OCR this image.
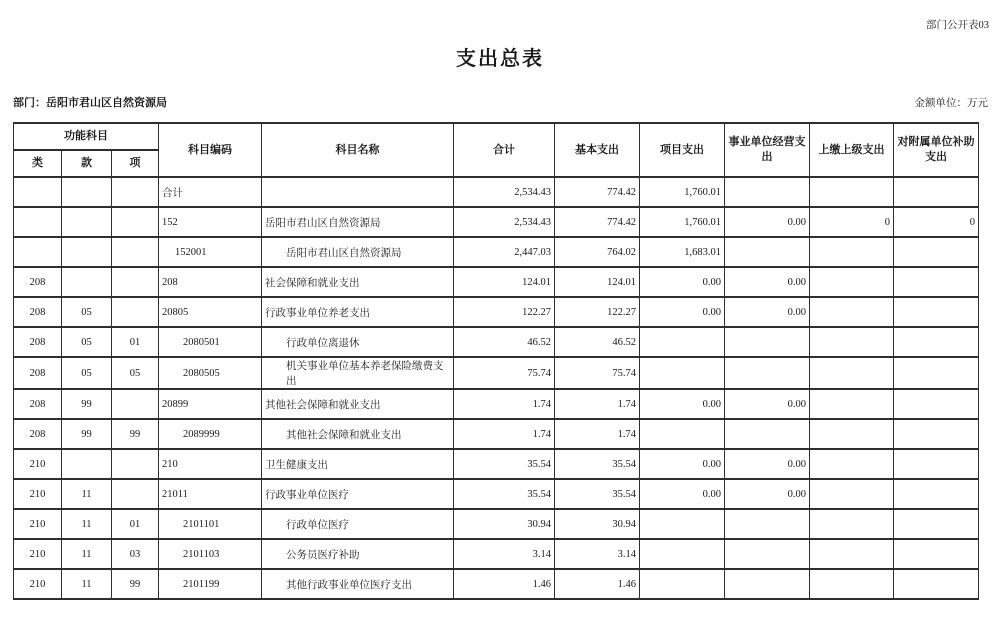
部门公开表03
支出总表
部门：岳阳市君山区自然资源局	金额单位：万元
功能科目			科目编码	科目名称	合计	基本支出	项目支出	事业单位经营支出	上缴上级支出	对附属单位补助支出
类	款	项								
			合计		2,534.43	774.42	1,760.01			
			152	岳阳市君山区自然资源局	2,534.43	774.42	1,760.01	0.00	0	0
			152001	岳阳市君山区自然资源局	2,447.03	764.02	1,683.01			
208			208	社会保障和就业支出	124.01	124.01	0.00	0.00		
208	05		20805	行政事业单位养老支出	122.27	122.27	0.00	0.00		
208	05	01	2080501	行政单位离退休	46.52	46.52				
208	05	05	2080505	机关事业单位基本养老保险缴费支出	75.74	75.74				
208	99		20899	其他社会保障和就业支出	1.74	1.74	0.00	0.00		
208	99	99	2089999	其他社会保障和就业支出	1.74	1.74				
210			210	卫生健康支出	35.54	35.54	0.00	0.00		
210	11		21011	行政事业单位医疗	35.54	35.54	0.00	0.00		
210	11	01	2101101	行政单位医疗	30.94	30.94				
210	11	03	2101103	公务员医疗补助	3.14	3.14				
210	11	99	2101199	其他行政事业单位医疗支出	1.46	1.46				
